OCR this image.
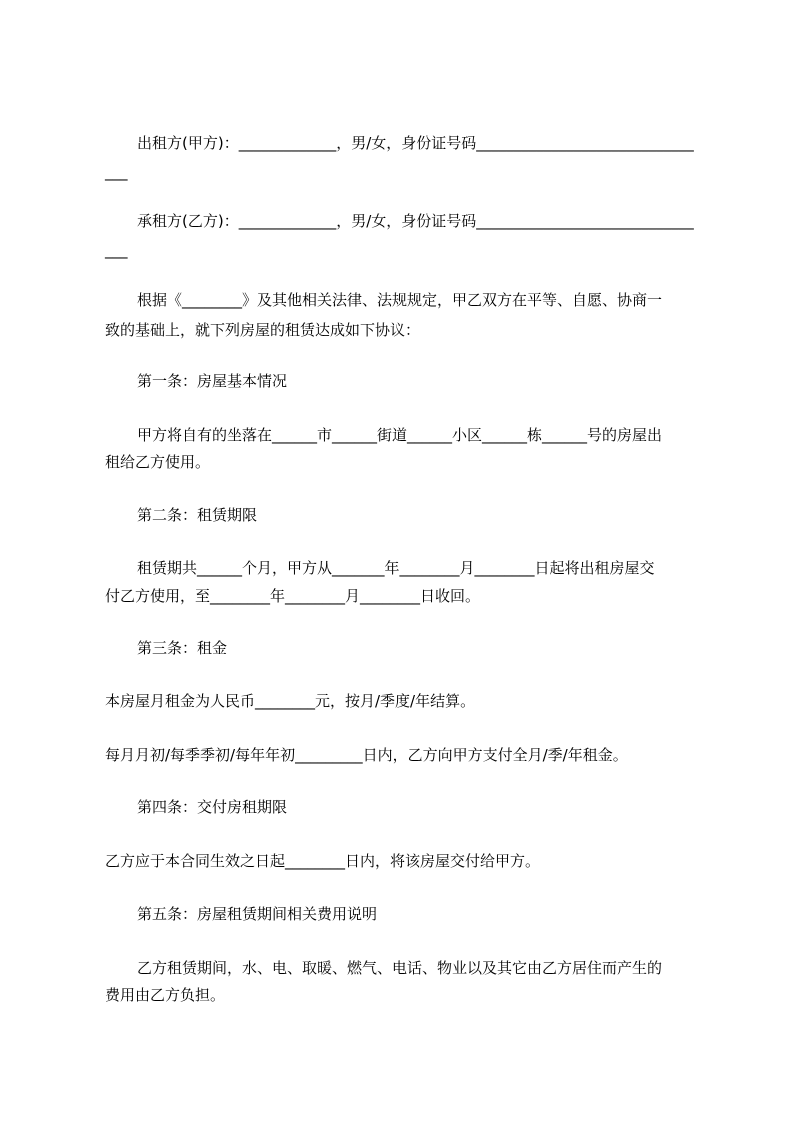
出租方(甲方)：_____________，男/女，身份证号码_____________________________
___
承租方(乙方)：_____________，男/女，身份证号码_____________________________
___
根据《________》及其他相关法律、法规规定，甲乙双方在平等、自愿、协商一
致的基础上，就下列房屋的租赁达成如下协议：
第一条：房屋基本情况
甲方将自有的坐落在______市______街道______小区______栋______号的房屋出
租给乙方使用。
第二条：租赁期限
租赁期共______个月，甲方从_______年________月________日起将出租房屋交
付乙方使用，至________年________月________日收回。
第三条：租金
本房屋月租金为人民币________元，按月/季度/年结算。
每月月初/每季季初/每年年初_________日内，乙方向甲方支付全月/季/年租金。
第四条：交付房租期限
乙方应于本合同生效之日起________日内，将该房屋交付给甲方。
第五条：房屋租赁期间相关费用说明
乙方租赁期间，水、电、取暖、燃气、电话、物业以及其它由乙方居住而产生的
费用由乙方负担。
